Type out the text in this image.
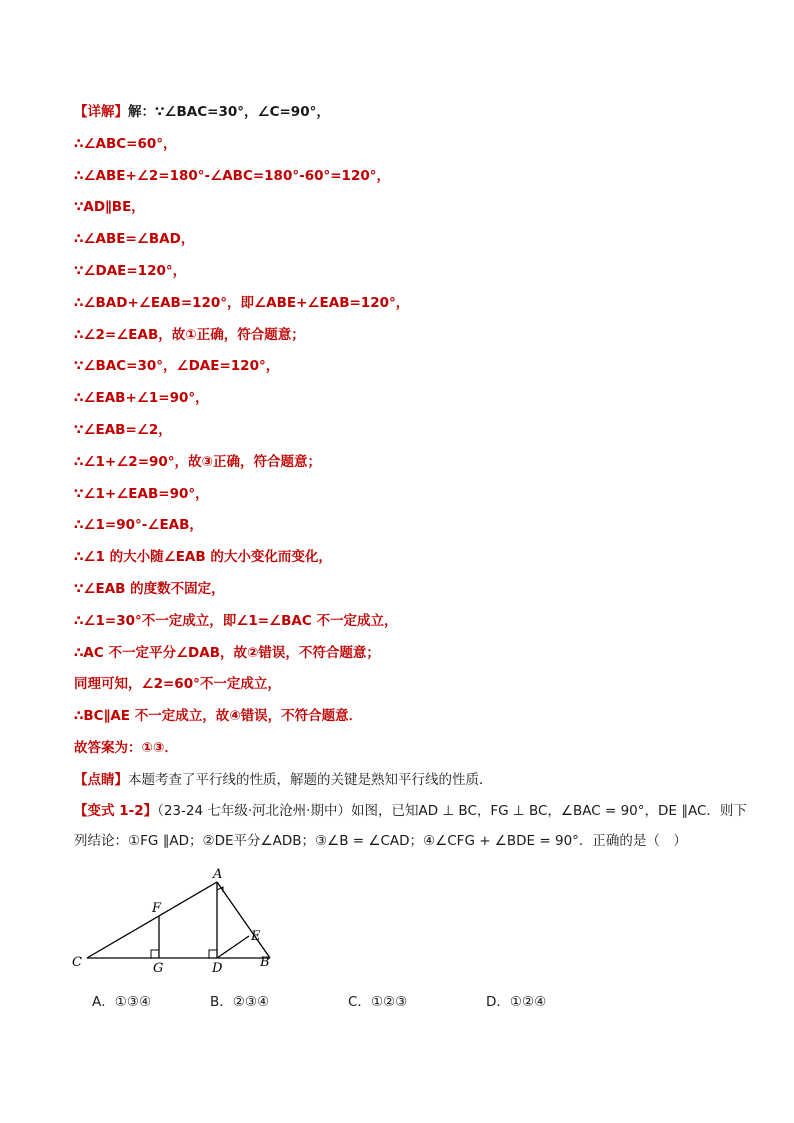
【详解】解：∵∠BAC=30°，∠C=90°，
∴∠ABC=60°，
∴∠ABE+∠2=180°-∠ABC=180°-60°=120°，
∵AD∥BE，
∴∠ABE=∠BAD，
∵∠DAE=120°，
∴∠BAD+∠EAB=120°，即∠ABE+∠EAB=120°，
∴∠2=∠EAB，故①正确，符合题意；
∵∠BAC=30°，∠DAE=120°，
∴∠EAB+∠1=90°，
∵∠EAB=∠2，
∴∠1+∠2=90°，故③正确，符合题意；
∵∠1+∠EAB=90°，
∴∠1=90°-∠EAB，
∴∠1 的大小随∠EAB 的大小变化而变化，
∵∠EAB 的度数不固定，
∴∠1=30°不一定成立，即∠1=∠BAC 不一定成立，
∴AC 不一定平分∠DAB，故②错误，不符合题意；
同理可知，∠2=60°不一定成立，
∴BC∥AE 不一定成立，故④错误，不符合题意．
故答案为：①③．
【点睛】本题考查了平行线的性质，解题的关键是熟知平行线的性质．
【变式 1-2】（23-24 七年级·河北沧州·期中）如图，已知AD ⊥ BC，FG ⊥ BC，∠BAC = 90°，DE ∥AC．则下
列结论：①FG ∥AD；②DE平分∠ADB；③∠B = ∠CAD；④∠CFG + ∠BDE = 90°．正确的是（　）
A
B
C	D
E
F
G
A．①③④	B．②③④	C．①②③	D．①②④
